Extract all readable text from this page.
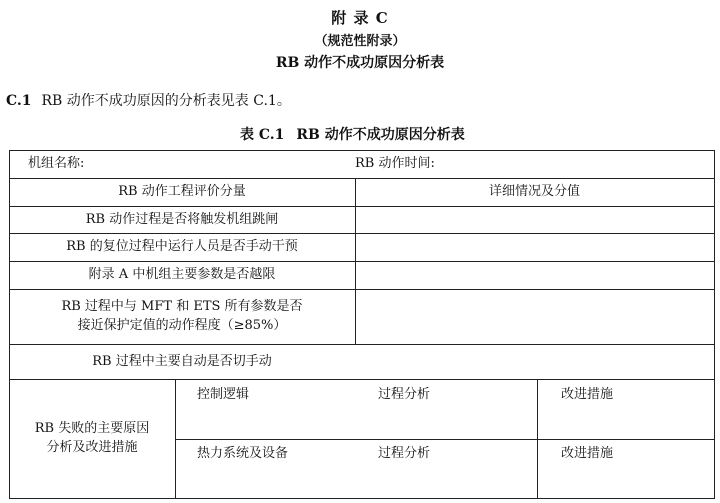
附 录 C
（规范性附录）
RB 动作不成功原因分析表
C.1 RB 动作不成功原因的分析表见表 C.1。
表 C.1 RB 动作不成功原因分析表
机组名称:	RB 动作时间:
RB 动作工程评价分量	详细情况及分值
RB 动作过程是否将触发机组跳闸
RB 的复位过程中运行人员是否手动干预
附录 A 中机组主要参数是否越限
RB 过程中与 MFT 和 ETS 所有参数是否
接近保护定值的动作程度（≥85%）
RB 过程中主要自动是否切手动
RB 失败的主要原因
分析及改进措施
控制逻辑	过程分析	改进措施
热力系统及设备	过程分析	改进措施
